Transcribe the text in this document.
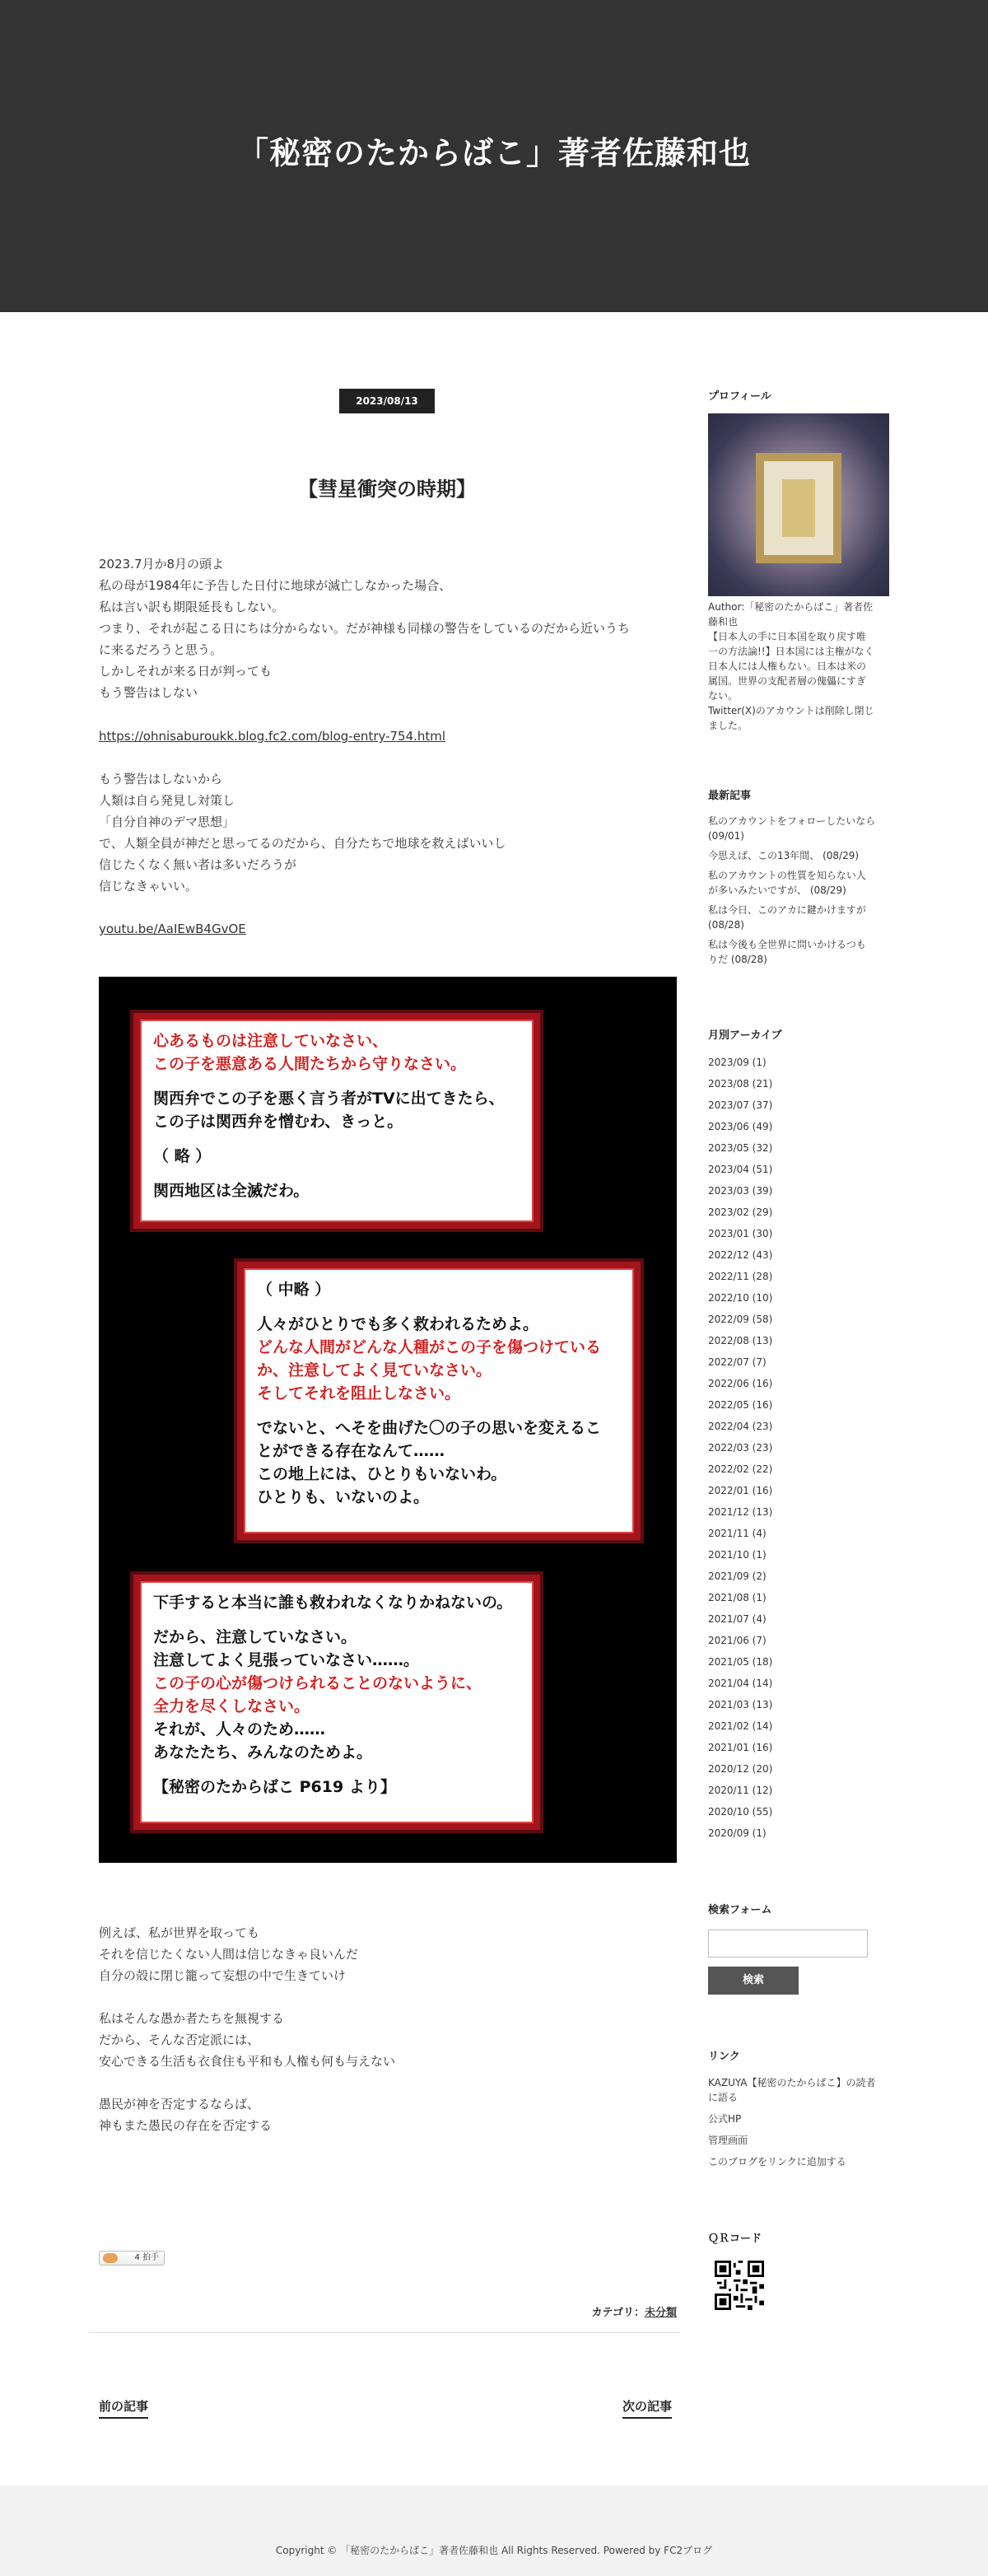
「秘密のたからばこ」著者佐藤和也
2023/08/13
【彗星衝突の時期】
2023.7月か8月の頭よ
私の母が1984年に予告した日付に地球が滅亡しなかった場合、
私は言い訳も期限延長もしない。
つまり、それが起こる日にちは分からない。だが神様も同様の警告をしているのだから近いうち
に来るだろうと思う。
しかしそれが来る日が判っても
もう警告はしない
https://ohnisaburoukk.blog.fc2.com/blog-entry-754.html
もう警告はしないから
人類は自ら発見し対策し
「自分自神のデマ思想」
で、人類全員が神だと思ってるのだから、自分たちで地球を救えばいいし
信じたくなく無い者は多いだろうが
信じなきゃいい。
youtu.be/AaIEwB4GvOE
心あるものは注意していなさい、
この子を悪意ある人間たちから守りなさい。
関西弁でこの子を悪く言う者がTVに出てきたら、
この子は関西弁を憎むわ、きっと。
（ 略 ）
関西地区は全滅だわ。
（ 中略 ）
人々がひとりでも多く救われるためよ。
どんな人間がどんな人種がこの子を傷つけている
か、注意してよく見ていなさい。
そしてそれを阻止しなさい。
でないと、へそを曲げた〇の子の思いを変えるこ
とができる存在なんて……
この地上には、ひとりもいないわ。
ひとりも、いないのよ。
下手すると本当に誰も救われなくなりかねないの。
だから、注意していなさい。
注意してよく見張っていなさい……。
この子の心が傷つけられることのないように、
全力を尽くしなさい。
それが、人々のため……
あなたたち、みんなのためよ。
【秘密のたからばこ P619 より】
例えば、私が世界を取っても
それを信じたくない人間は信じなきゃ良いんだ
自分の殻に閉じ籠って妄想の中で生きていけ
私はそんな愚か者たちを無視する
だから、そんな否定派には、
安心できる生活も衣食住も平和も人権も何も与えない
愚民が神を否定するならば、
神もまた愚民の存在を否定する
4 拍手
カテゴリ：未分類
前の記事	次の記事
プロフィール
Author:「秘密のたからばこ」著者佐
藤和也
【日本人の手に日本国を取り戻す唯
一の方法論!!】日本国には主権がなく
日本人には人権もない。日本は米の
属国。世界の支配者層の傀儡にすぎ
ない。
Twitter(X)のアカウントは削除し閉じ
ました。
最新記事
私のアカウントをフォローしたいなら (09/01)
今思えば、この13年間、 (08/29)
私のアカウントの性質を知らない人
が多いみたいですが、 (08/29)
私は今日、このアカに鍵かけますが
(08/28)
私は今後も全世界に問いかけるつも
りだ (08/28)
月別アーカイブ
2023/09 (1)
2023/08 (21)
2023/07 (37)
2023/06 (49)
2023/05 (32)
2023/04 (51)
2023/03 (39)
2023/02 (29)
2023/01 (30)
2022/12 (43)
2022/11 (28)
2022/10 (10)
2022/09 (58)
2022/08 (13)
2022/07 (7)
2022/06 (16)
2022/05 (16)
2022/04 (23)
2022/03 (23)
2022/02 (22)
2022/01 (16)
2021/12 (13)
2021/11 (4)
2021/10 (1)
2021/09 (2)
2021/08 (1)
2021/07 (4)
2021/06 (7)
2021/05 (18)
2021/04 (14)
2021/03 (13)
2021/02 (14)
2021/01 (16)
2020/12 (20)
2020/11 (12)
2020/10 (55)
2020/09 (1)
検索フォーム
検索
リンク
KAZUYA【秘密のたからばこ】の読者
に語る
公式HP
管理画面
このブログをリンクに追加する
ＱＲコード
Copyright © 「秘密のたからばこ」著者佐藤和也 All Rights Reserved. Powered by FC2ブログ
